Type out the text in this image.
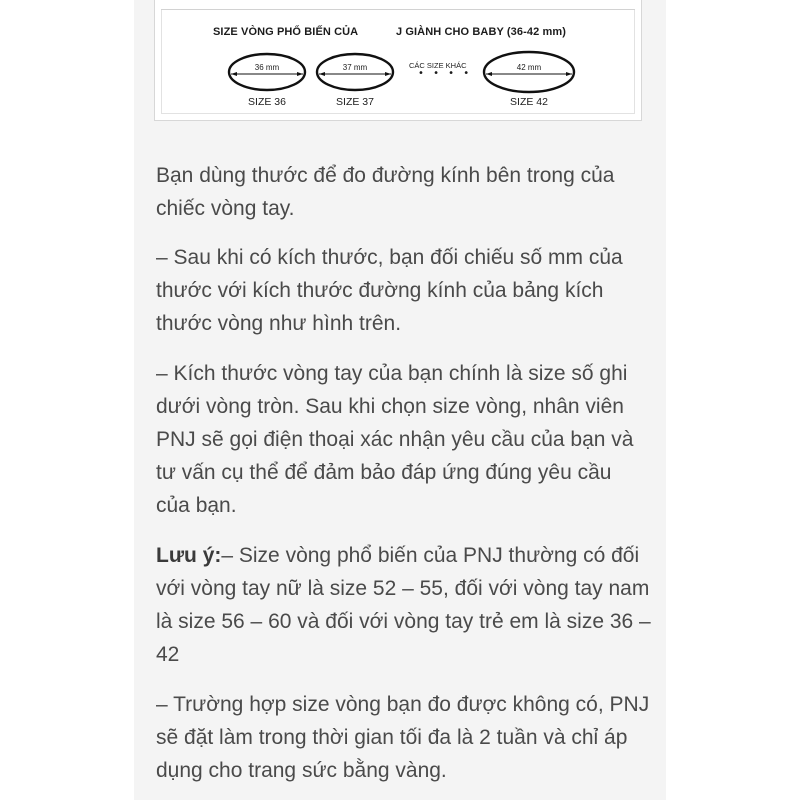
SIZE VÒNG PHỔ BIẾN CỦA	J GIÀNH CHO BABY (36-42 mm)
36 mm
SIZE 36
37 mm
SIZE 37
CÁC SIZE KHÁC
• • • •
42 mm
SIZE 42

Bạn dùng thước để đo đường kính bên trong của chiếc vòng tay.

– Sau khi có kích thước, bạn đối chiếu số mm của thước với kích thước đường kính của bảng kích thước vòng như hình trên.

– Kích thước vòng tay của bạn chính là size số ghi dưới vòng tròn. Sau khi chọn size vòng, nhân viên PNJ sẽ gọi điện thoại xác nhận yêu cầu của bạn và tư vấn cụ thể để đảm bảo đáp ứng đúng yêu cầu của bạn.

Lưu ý:– Size vòng phổ biến của PNJ thường có đối với vòng tay nữ là size 52 – 55, đối với vòng tay nam là size 56 – 60 và đối với vòng tay trẻ em là size 36 – 42

– Trường hợp size vòng bạn đo được không có, PNJ sẽ đặt làm trong thời gian tối đa là 2 tuần và chỉ áp dụng cho trang sức bằng vàng.
